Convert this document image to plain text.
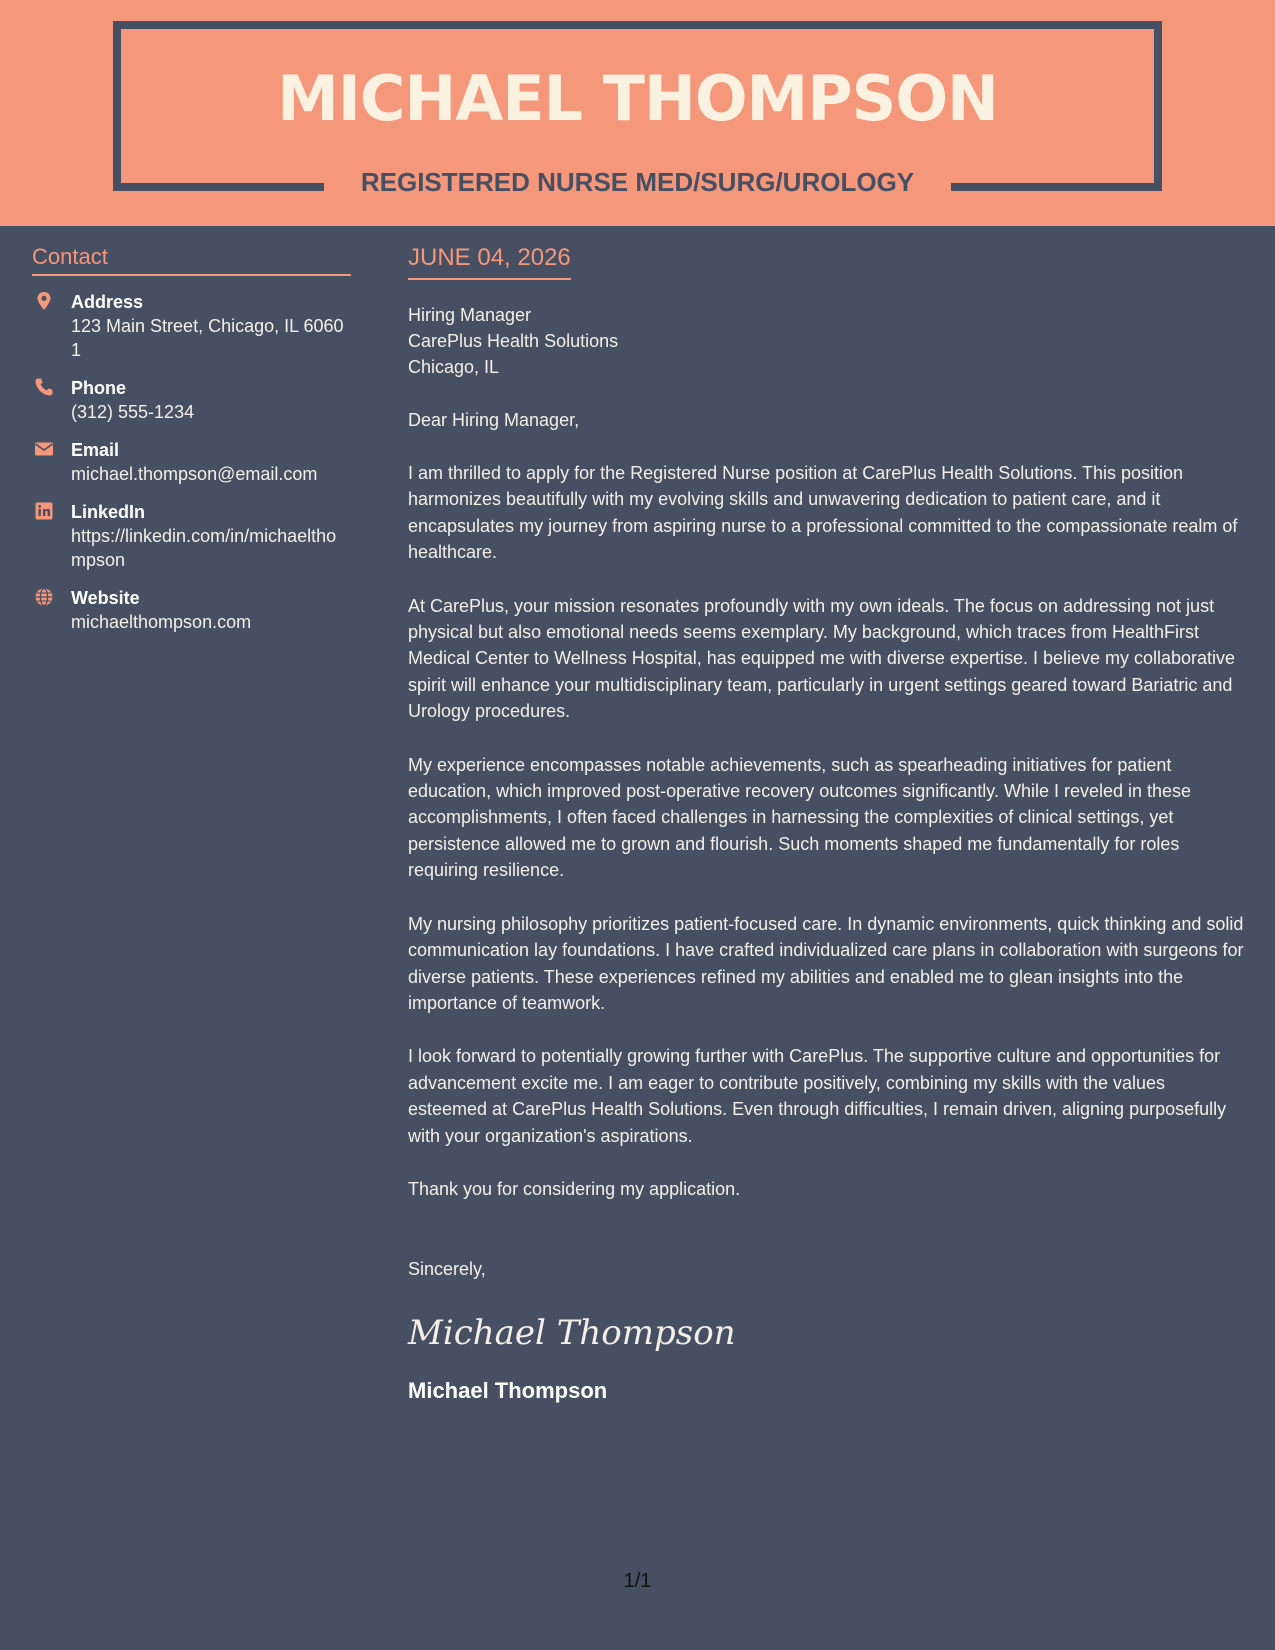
MICHAEL THOMPSON
REGISTERED NURSE MED/SURG/UROLOGY
Contact
Address
123 Main Street, Chicago, IL 60601
Phone
(312) 555-1234
Email
michael.thompson@email.com
LinkedIn
https://linkedin.com/in/michaelthompson
Website
michaelthompson.com
JUNE 04, 2026
Hiring Manager
CarePlus Health Solutions
Chicago, IL
Dear Hiring Manager,

I am thrilled to apply for the Registered Nurse position at CarePlus Health Solutions. This position harmonizes beautifully with my evolving skills and unwavering dedication to patient care, and it encapsulates my journey from aspiring nurse to a professional committed to the compassionate realm of healthcare.

At CarePlus, your mission resonates profoundly with my own ideals. The focus on addressing not just physical but also emotional needs seems exemplary. My background, which traces from HealthFirst Medical Center to Wellness Hospital, has equipped me with diverse expertise. I believe my collaborative spirit will enhance your multidisciplinary team, particularly in urgent settings geared toward Bariatric and Urology procedures.

My experience encompasses notable achievements, such as spearheading initiatives for patient education, which improved post-operative recovery outcomes significantly. While I reveled in these accomplishments, I often faced challenges in harnessing the complexities of clinical settings, yet persistence allowed me to grown and flourish. Such moments shaped me fundamentally for roles requiring resilience.

My nursing philosophy prioritizes patient-focused care. In dynamic environments, quick thinking and solid communication lay foundations. I have crafted individualized care plans in collaboration with surgeons for diverse patients. These experiences refined my abilities and enabled me to glean insights into the importance of teamwork.

I look forward to potentially growing further with CarePlus. The supportive culture and opportunities for advancement excite me. I am eager to contribute positively, combining my skills with the values esteemed at CarePlus Health Solutions. Even through difficulties, I remain driven, aligning purposefully with your organization's aspirations.

Thank you for considering my application.
Sincerely,
Michael Thompson
Michael Thompson
1/1
